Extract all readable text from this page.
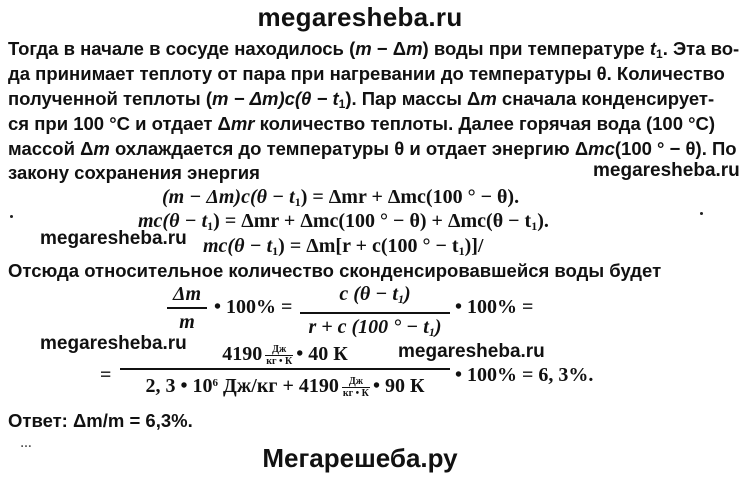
megaresheba.ru
Мегарешеба.ру
megaresheba.ru
megaresheba.ru
megaresheba.ru	megaresheba.ru
Тогда в начале в сосуде находилось (m − Δm) воды при температуре $t_1$. Эта во-
да принимает теплоту от пара при нагревании до температуры θ. Количество
полученной теплоты $(m - \Delta m)c(\theta - t_1)$. Пар массы Δm сначала конденсирует-
ся при 100 °С и отдает Δmr количество теплоты. Далее горячая вода (100 °С)
массой Δm охлаждается до температуры θ и отдает энергию Δmc(100 ° − θ). По
закону сохранения энергия
$(m - \Delta m)c(\theta - t_1) = \Delta mr + \Delta mc(100$ ° − θ).
$mc(\theta - t_1) = \Delta mr + \Delta mc(100$ ° − $\theta) + \Delta mc(\theta - t_1)$.
$mc(\theta - t_1) = \Delta m[r + c(100$ ° − $t_1)]/$
Отсюда относительное количество сконденсировавшейся воды будет
Δm
m
• 100% =
c $(\theta - t_1)$
r + c (100 ° − $t_1$)
• 100% =
=
4190 Дж
кг • К • 40 К
2, 3 • $10^6$ Дж/кг + 4190 Дж
кг • К • 90 К	• 100% = 6, 3%.
Ответ: Δm/m = 6,3%.
…
